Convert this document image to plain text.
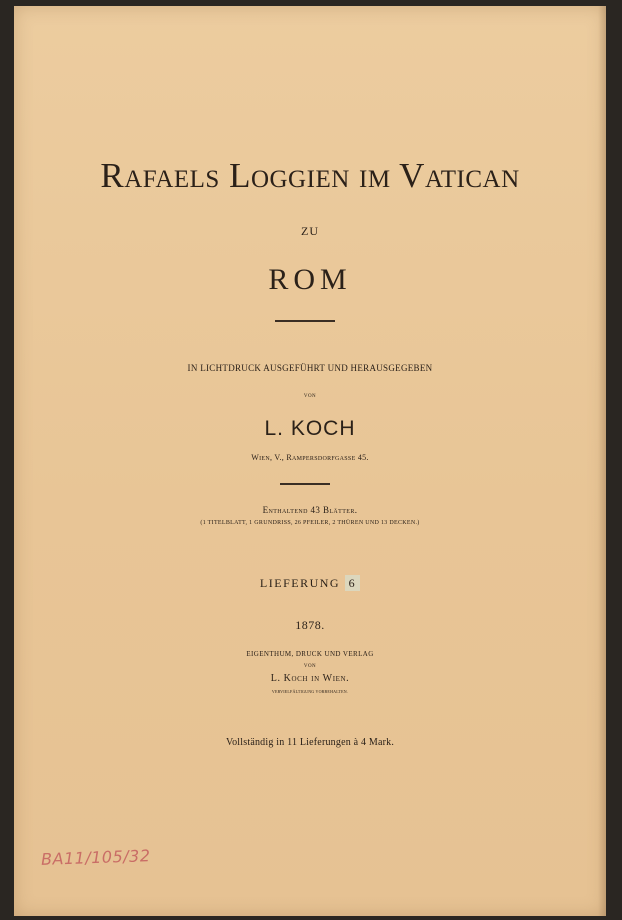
Rafaels Loggien im Vatican
zu
ROM
IN LICHTDRUCK AUSGEFÜHRT UND HERAUSGEGEBEN
VON
L. KOCH
Wien, V., Rampersdorfgasse 45.
Enthaltend 43 Blätter.
(1 TITELBLATT, 1 GRUNDRISS, 26 PFEILER, 2 THÜREN UND 13 DECKEN.)
LIEFERUNG 6
1878.
EIGENTHUM, DRUCK UND VERLAG
VON
L. Koch in Wien.
VERVIELFÄLTIGUNG VORBEHALTEN.
Vollständig in 11 Lieferungen à 4 Mark.
BA11/105/32
